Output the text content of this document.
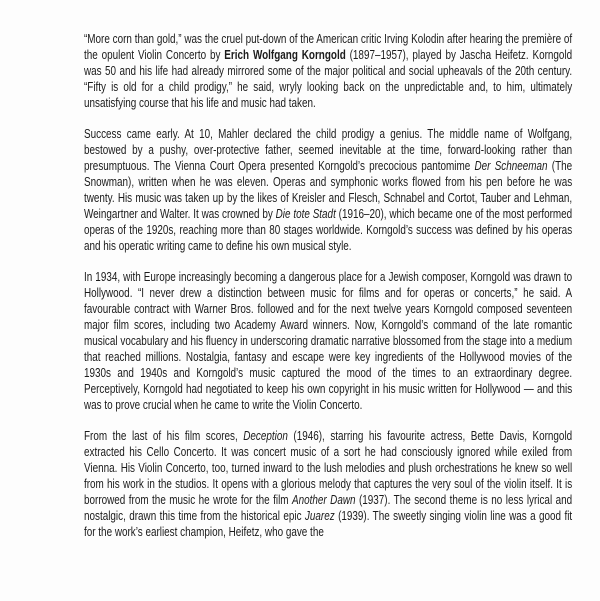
“More corn than gold,” was the cruel put-down of the American critic Irving Kolodin after hearing the première of the opulent Violin Concerto by Erich Wolfgang Korngold (1897–1957), played by Jascha Heifetz. Korngold was 50 and his life had already mirrored some of the major political and social upheavals of the 20th century. “Fifty is old for a child prodigy,” he said, wryly looking back on the unpredictable and, to him, ultimately unsatisfying course that his life and music had taken.

Success came early. At 10, Mahler declared the child prodigy a genius. The middle name of Wolfgang, bestowed by a pushy, over-protective father, seemed inevitable at the time, forward-looking rather than presumptuous. The Vienna Court Opera presented Korngold’s precocious pantomime Der Schneeman (The Snowman), written when he was eleven. Operas and symphonic works flowed from his pen before he was twenty. His music was taken up by the likes of Kreisler and Flesch, Schnabel and Cortot, Tauber and Lehman, Weingartner and Walter. It was crowned by Die tote Stadt (1916–20), which became one of the most performed operas of the 1920s, reaching more than 80 stages worldwide. Korngold’s success was defined by his operas and his operatic writing came to define his own musical style.

In 1934, with Europe increasingly becoming a dangerous place for a Jewish composer, Korngold was drawn to Hollywood. “I never drew a distinction between music for films and for operas or concerts,” he said. A favourable contract with Warner Bros. followed and for the next twelve years Korngold composed seventeen major film scores, including two Academy Award winners. Now, Korngold’s command of the late romantic musical vocabulary and his fluency in underscoring dramatic narrative blossomed from the stage into a medium that reached millions. Nostalgia, fantasy and escape were key ingredients of the Hollywood movies of the 1930s and 1940s and Korngold’s music captured the mood of the times to an extraordinary degree. Perceptively, Korngold had negotiated to keep his own copyright in his music written for Hollywood — and this was to prove crucial when he came to write the Violin Concerto.

From the last of his film scores, Deception (1946), starring his favourite actress, Bette Davis, Korngold extracted his Cello Concerto. It was concert music of a sort he had consciously ignored while exiled from Vienna. His Violin Concerto, too, turned inward to the lush melodies and plush orchestrations he knew so well from his work in the studios. It opens with a glorious melody that captures the very soul of the violin itself. It is borrowed from the music he wrote for the film Another Dawn (1937). The second theme is no less lyrical and nostalgic, drawn this time from the historical epic Juarez (1939). The sweetly singing violin line was a good fit for the work’s earliest champion, Heifetz, who gave the
